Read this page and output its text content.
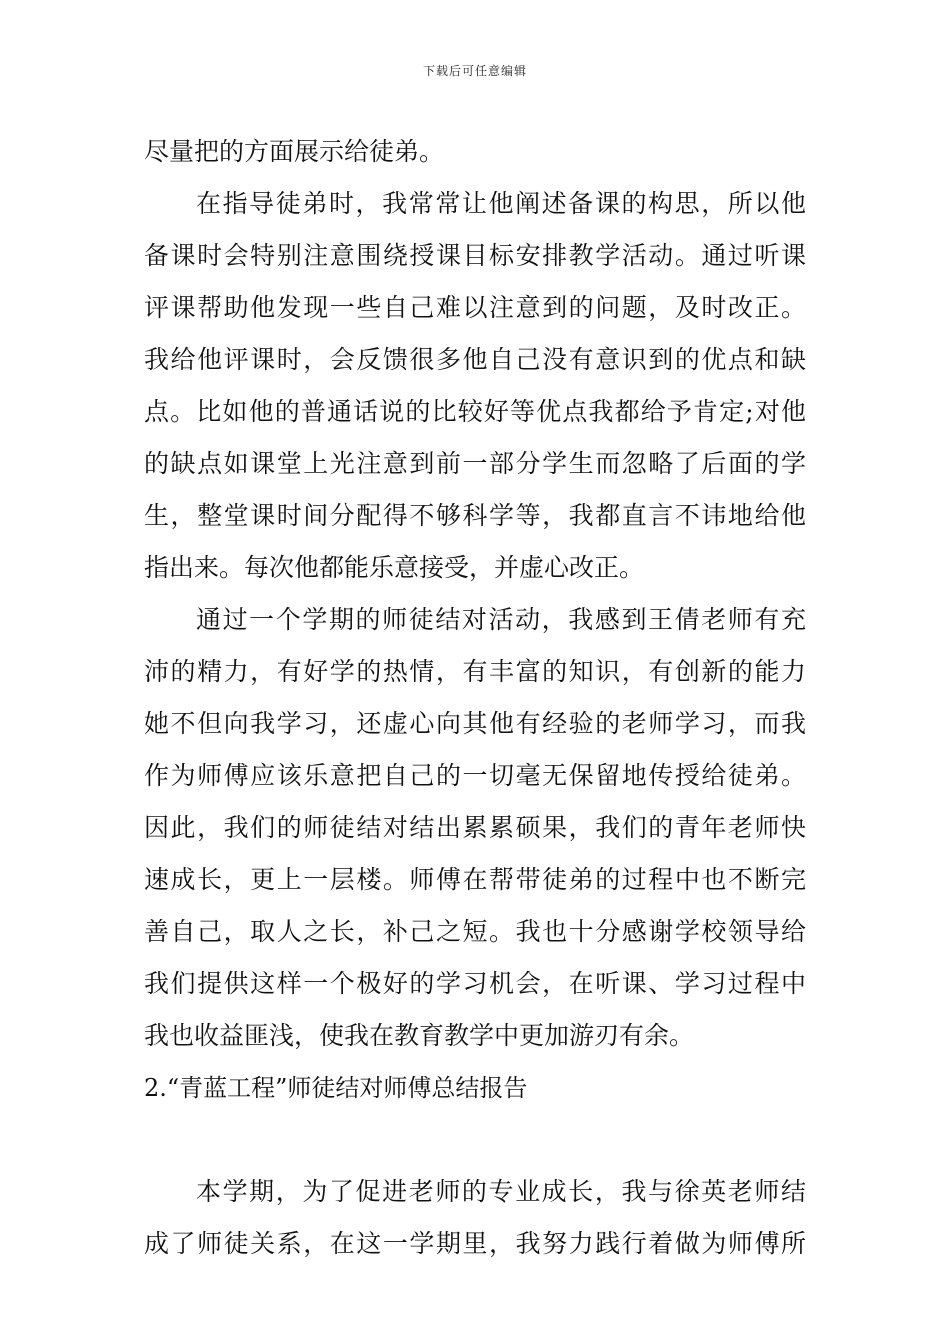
下载后可任意编辑
尽量把的方面展示给徒弟。
在指导徒弟时，我常常让他阐述备课的构思，所以他
备课时会特别注意围绕授课目标安排教学活动。通过听课
评课帮助他发现一些自己难以注意到的问题，及时改正。
我给他评课时，会反馈很多他自己没有意识到的优点和缺
点。比如他的普通话说的比较好等优点我都给予肯定;对他
的缺点如课堂上光注意到前一部分学生而忽略了后面的学
生，整堂课时间分配得不够科学等，我都直言不讳地给他
指出来。每次他都能乐意接受，并虚心改正。
通过一个学期的师徒结对活动，我感到王倩老师有充
沛的精力，有好学的热情，有丰富的知识，有创新的能力
她不但向我学习，还虚心向其他有经验的老师学习，而我
作为师傅应该乐意把自己的一切毫无保留地传授给徒弟。
因此，我们的师徒结对结出累累硕果，我们的青年老师快
速成长，更上一层楼。师傅在帮带徒弟的过程中也不断完
善自己，取人之长，补己之短。我也十分感谢学校领导给
我们提供这样一个极好的学习机会，在听课、学习过程中
我也收益匪浅，使我在教育教学中更加游刃有余。
2.“青蓝工程”师徒结对师傅总结报告
本学期，为了促进老师的专业成长，我与徐英老师结
成了师徒关系，在这一学期里，我努力践行着做为师傅所
